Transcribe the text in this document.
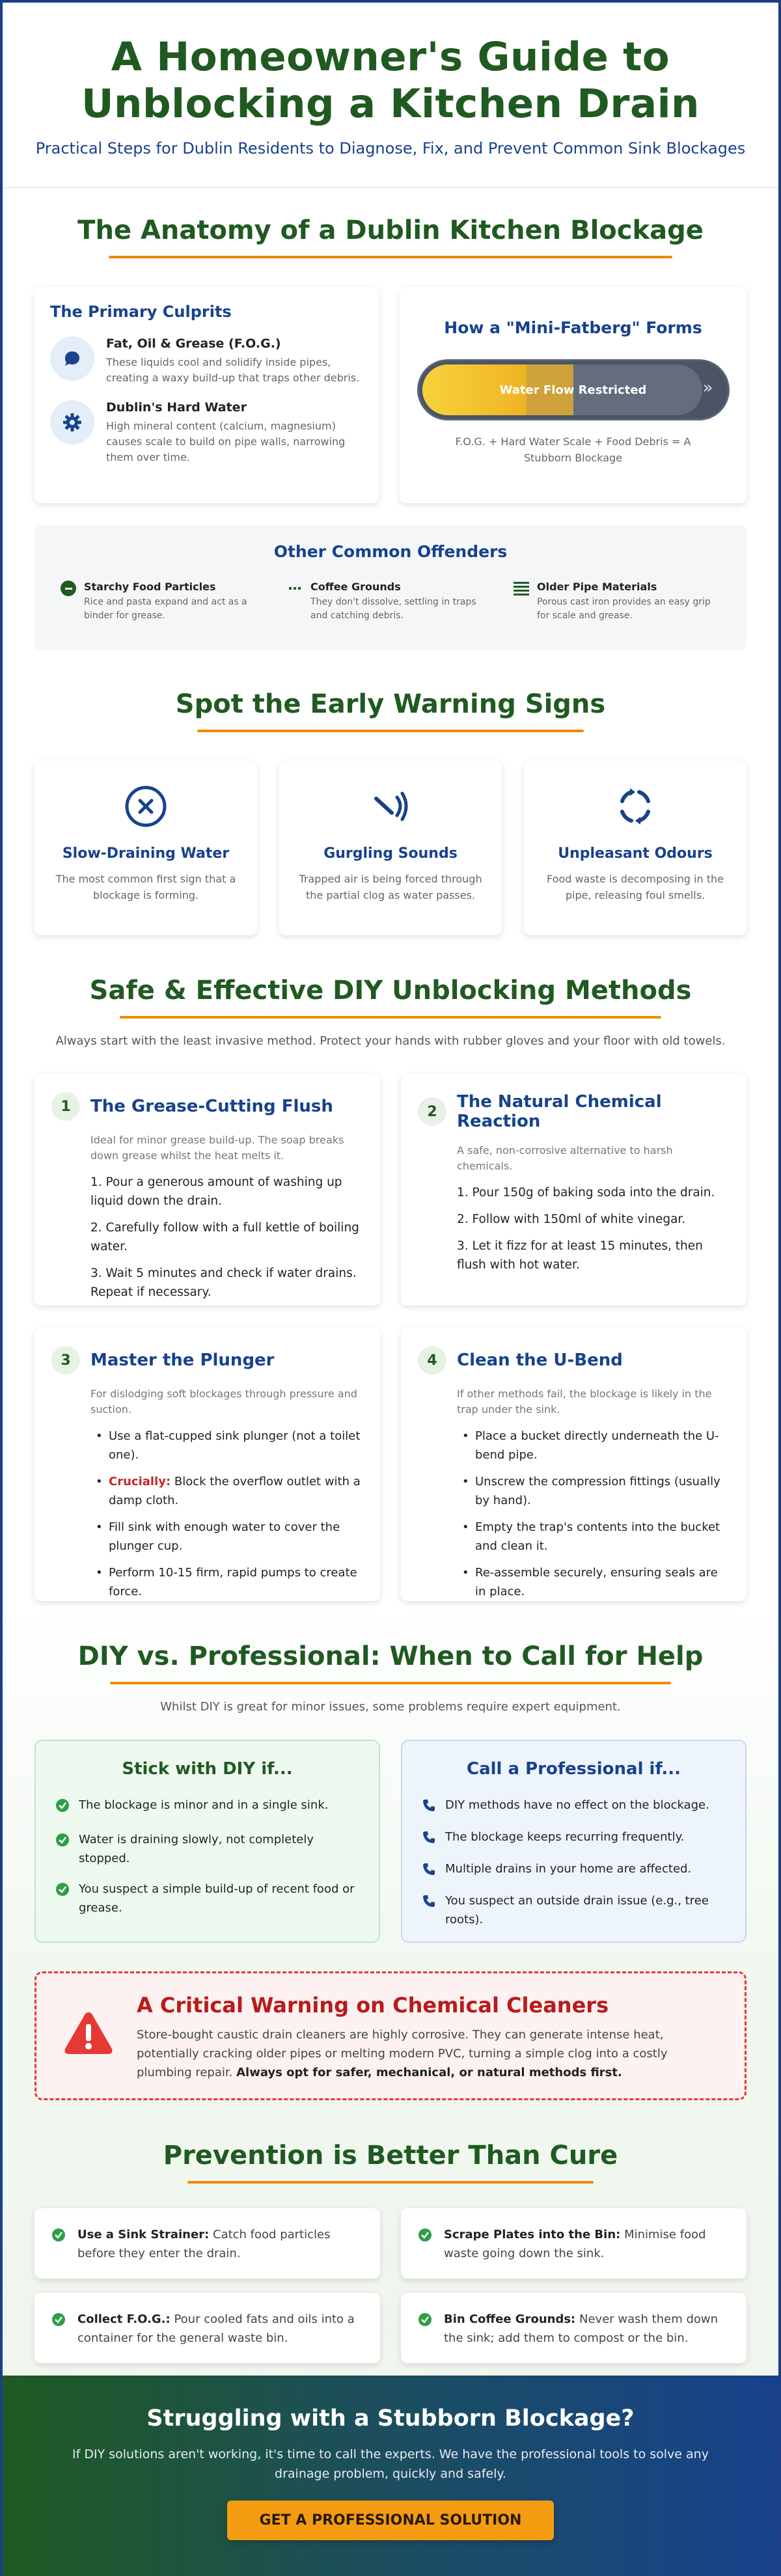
A Homeowner's Guide to Unblocking a Kitchen Drain

Practical Steps for Dublin Residents to Diagnose, Fix, and Prevent Common Sink Blockages

The Anatomy of a Dublin Kitchen Blockage
The Primary Culprits
Fat, Oil & Grease (F.O.G.)
These liquids cool and solidify inside pipes, creating a waxy build-up that traps other debris.
Dublin's Hard Water
High mineral content (calcium, magnesium) causes scale to build on pipe walls, narrowing them over time.
How a "Mini-Fatberg" Forms
Water Flow Restricted	»

F.O.G. + Hard Water Scale + Food Debris = A Stubborn Blockage

Other Common Offenders
Starchy Food Particles
Rice and pasta expand and act as a binder for grease.
Coffee Grounds
They don't dissolve, settling in traps and catching debris.
Older Pipe Materials
Porous cast iron provides an easy grip for scale and grease.
Spot the Early Warning Signs
Slow-Draining Water
The most common first sign that a blockage is forming.
Gurgling Sounds
Trapped air is being forced through the partial clog as water passes.
Unpleasant Odours
Food waste is decomposing in the pipe, releasing foul smells.
Safe & Effective DIY Unblocking Methods

Always start with the least invasive method. Protect your hands with rubber gloves and your floor with old towels.

1	The Grease-Cutting Flush
Ideal for minor grease build-up. The soap breaks down grease whilst the heat melts it.
1. Pour a generous amount of washing up liquid down the drain.
2. Carefully follow with a full kettle of boiling water.
3. Wait 5 minutes and check if water drains. Repeat if necessary.
2	The Natural Chemical Reaction
A safe, non-corrosive alternative to harsh chemicals.
1. Pour 150g of baking soda into the drain.
2. Follow with 150ml of white vinegar.
3. Let it fizz for at least 15 minutes, then flush with hot water.
3	Master the Plunger
For dislodging soft blockages through pressure and suction.
• Use a flat-cupped sink plunger (not a toilet one).
• Crucially: Block the overflow outlet with a damp cloth.
• Fill sink with enough water to cover the plunger cup.
• Perform 10-15 firm, rapid pumps to create force.
4	Clean the U-Bend
If other methods fail, the blockage is likely in the trap under the sink.
• Place a bucket directly underneath the U-bend pipe.
• Unscrew the compression fittings (usually by hand).
• Empty the trap's contents into the bucket and clean it.
• Re-assemble securely, ensuring seals are in place.
DIY vs. Professional: When to Call for Help

Whilst DIY is great for minor issues, some problems require expert equipment.

Stick with DIY if...
The blockage is minor and in a single sink.
Water is draining slowly, not completely stopped.
You suspect a simple build-up of recent food or grease.
Call a Professional if...
DIY methods have no effect on the blockage.
The blockage keeps recurring frequently.
Multiple drains in your home are affected.
You suspect an outside drain issue (e.g., tree roots).
A Critical Warning on Chemical Cleaners

Store-bought caustic drain cleaners are highly corrosive. They can generate intense heat, potentially cracking older pipes or melting modern PVC, turning a simple clog into a costly plumbing repair. Always opt for safer, mechanical, or natural methods first.

Prevention is Better Than Cure

Use a Sink Strainer: Catch food particles before they enter the drain.

Scrape Plates into the Bin: Minimise food waste going down the sink.

Collect F.O.G.: Pour cooled fats and oils into a container for the general waste bin.

Bin Coffee Grounds: Never wash them down the sink; add them to compost or the bin.

Struggling with a Stubborn Blockage?

If DIY solutions aren't working, it's time to call the experts. We have the professional tools to solve any drainage problem, quickly and safely.

GET A PROFESSIONAL SOLUTION
